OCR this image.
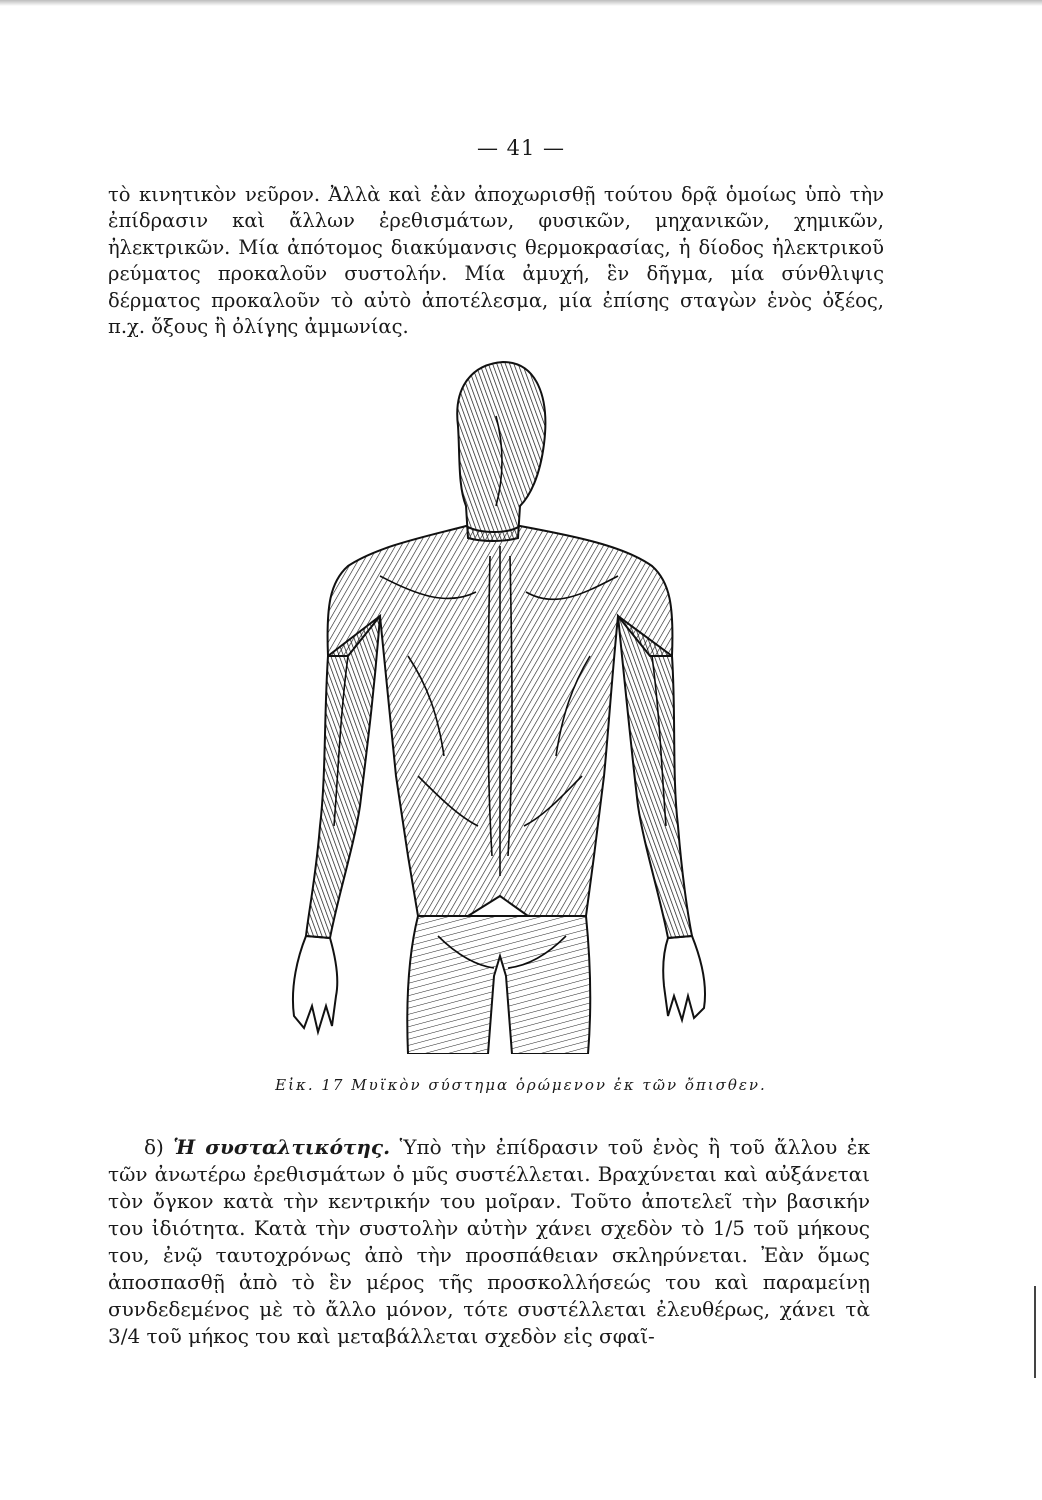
— 41 —
τὸ κινητικὸν νεῦρον. Ἀλλὰ καὶ ἐὰν ἀποχωρισθῇ τούτου δρᾷ ὁμοίως ὑπὸ τὴν ἐπίδρασιν καὶ ἄλλων ἐρεθισμάτων, φυσικῶν, μηχανικῶν, χημικῶν, ἠλεκτρικῶν. Μία ἀπότομος διακύμανσις θερμοκρασίας, ἡ δίοδος ἠλεκτρικοῦ ρεύματος προκαλοῦν συστολήν. Μία ἀμυχή, ἓν δῆγμα, μία σύνθλιψις δέρματος προκαλοῦν τὸ αὐτὸ ἀποτέλεσμα, μία ἐπίσης σταγὼν ἑνὸς ὀξέος, π.χ. ὄξους ἢ ὀλίγης ἀμμωνίας.
Εἰκ. 17 Μυϊκὸν σύστημα ὁρώμενον ἐκ τῶν ὄπισθεν.
δ) Ἡ συσταλτικότης. Ὑπὸ τὴν ἐπίδρασιν τοῦ ἑνὸς ἢ τοῦ ἄλλου ἐκ τῶν ἀνωτέρω ἐρεθισμάτων ὁ μῦς συστέλλεται. Βραχύνεται καὶ αὐξάνεται τὸν ὄγκον κατὰ τὴν κεντρικήν του μοῖραν. Τοῦτο ἀποτελεῖ τὴν βασικήν του ἰδιότητα. Κατὰ τὴν συστολὴν αὐτὴν χάνει σχεδὸν τὸ 1/5 τοῦ μήκους του, ἐνῷ ταυτοχρόνως ἀπὸ τὴν προσπάθειαν σκληρύνεται. Ἐὰν ὅμως ἀποσπασθῇ ἀπὸ τὸ ἓν μέρος τῆς προσκολλήσεώς του καὶ παραμείνῃ συνδεδεμένος μὲ τὸ ἄλλο μόνον, τότε συστέλλεται ἐλευθέρως, χάνει τὰ 3/4 τοῦ μήκος του καὶ μεταβάλλεται σχεδὸν εἰς σφαῖ-
